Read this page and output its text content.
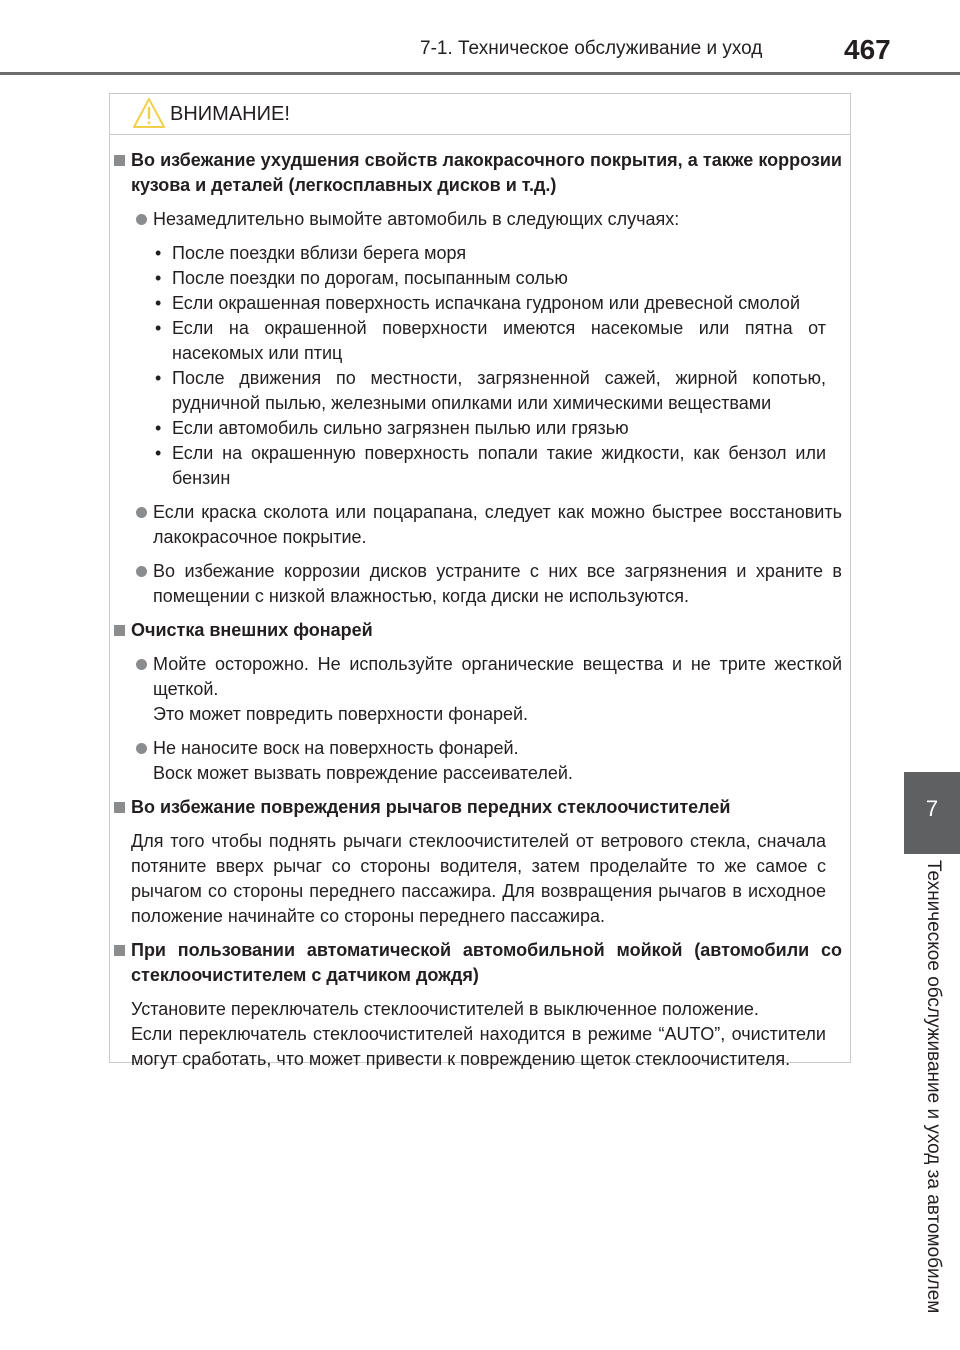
7-1. Техническое обслуживание и уход	467
7
Техническое обслуживание и уход за автомобилем
ВНИМАНИЕ!

Во избежание ухудшения свойств лакокрасочного покрытия, а также коррозии кузова и деталей (легкосплавных дисков и т.д.)

Незамедлительно вымойте автомобиль в следующих случаях:

• После поездки вблизи берега моря

• После поездки по дорогам, посыпанным солью

• Если окрашенная поверхность испачкана гудроном или древесной смолой

• Если на окрашенной поверхности имеются насекомые или пятна от насекомых или птиц

• После движения по местности, загрязненной сажей, жирной копотью, рудничной пылью, железными опилками или химическими веществами

• Если автомобиль сильно загрязнен пылью или грязью

• Если на окрашенную поверхность попали такие жидкости, как бензол или бензин

Если краска сколота или поцарапана, следует как можно быстрее восстановить лакокрасочное покрытие.

Во избежание коррозии дисков устраните с них все загрязнения и храните в помещении с низкой влажностью, когда диски не используются.

Очистка внешних фонарей

Мойте осторожно. Не используйте органические вещества и не трите жесткой щеткой.

Это может повредить поверхности фонарей.

Не наносите воск на поверхность фонарей.

Воск может вызвать повреждение рассеивателей.

Во избежание повреждения рычагов передних стеклоочистителей

Для того чтобы поднять рычаги стеклоочистителей от ветрового стекла, сначала потяните вверх рычаг со стороны водителя, затем проделайте то же самое с рычагом со стороны переднего пассажира. Для возвращения рычагов в исходное положение начинайте со стороны переднего пассажира.

При пользовании автоматической автомобильной мойкой (автомобили со стеклоочистителем с датчиком дождя)

Установите переключатель стеклоочистителей в выключенное положение.

Если переключатель стеклоочистителей находится в режиме “AUTO”, очистители могут сработать, что может привести к повреждению щеток стеклоочистителя.
